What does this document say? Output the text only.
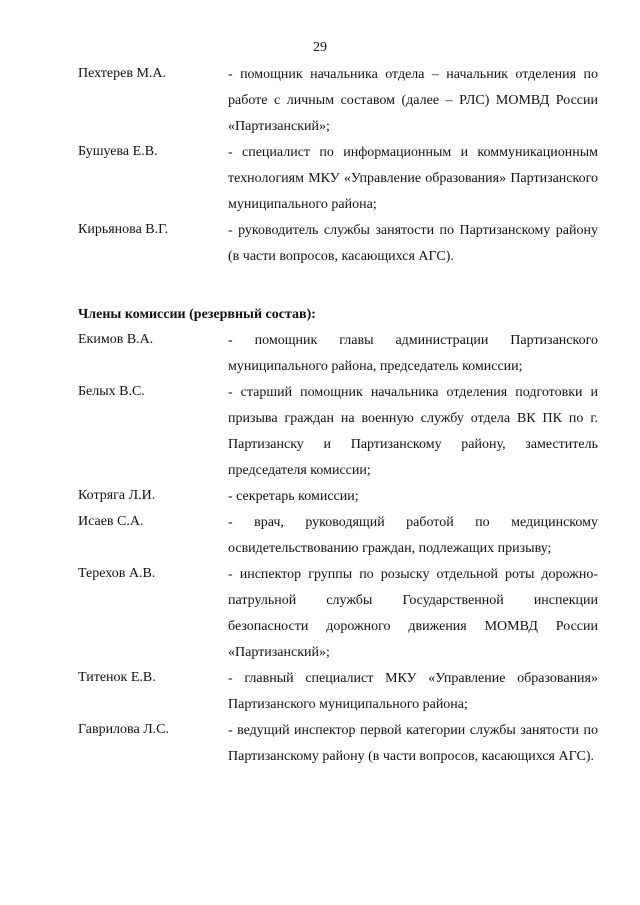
29
Пехтерев М.А.	- помощник начальника отдела – начальник отделения по работе с личным составом (далее – РЛС) МОМВД России «Партизанский»;
Бушуева Е.В.	- специалист по информационным и коммуникационным технологиям МКУ «Управление образования» Партизанского муниципального района;
Кирьянова В.Г.	- руководитель службы занятости по Партизанскому району (в части вопросов, касающихся АГС).
Члены комиссии (резервный состав):
Екимов В.А.	- помощник главы администрации Партизанского муниципального района, председатель комиссии;
Белых В.С.	- старший помощник начальника отделения подготовки и призыва граждан на военную службу отдела ВК ПК по г. Партизанску и Партизанскому району, заместитель председателя комиссии;
Котряга Л.И.	- секретарь комиссии;
Исаев С.А.	- врач, руководящий работой по медицинскому освидетельствованию граждан, подлежащих призыву;
Терехов А.В.	- инспектор группы по розыску отдельной роты дорожно-патрульной службы Государственной инспекции безопасности дорожного движения МОМВД России «Партизанский»;
Титенок Е.В.	- главный специалист МКУ «Управление образования» Партизанского муниципального района;
Гаврилова Л.С.	- ведущий инспектор первой категории службы занятости по Партизанскому району (в части вопросов, касающихся АГС).
